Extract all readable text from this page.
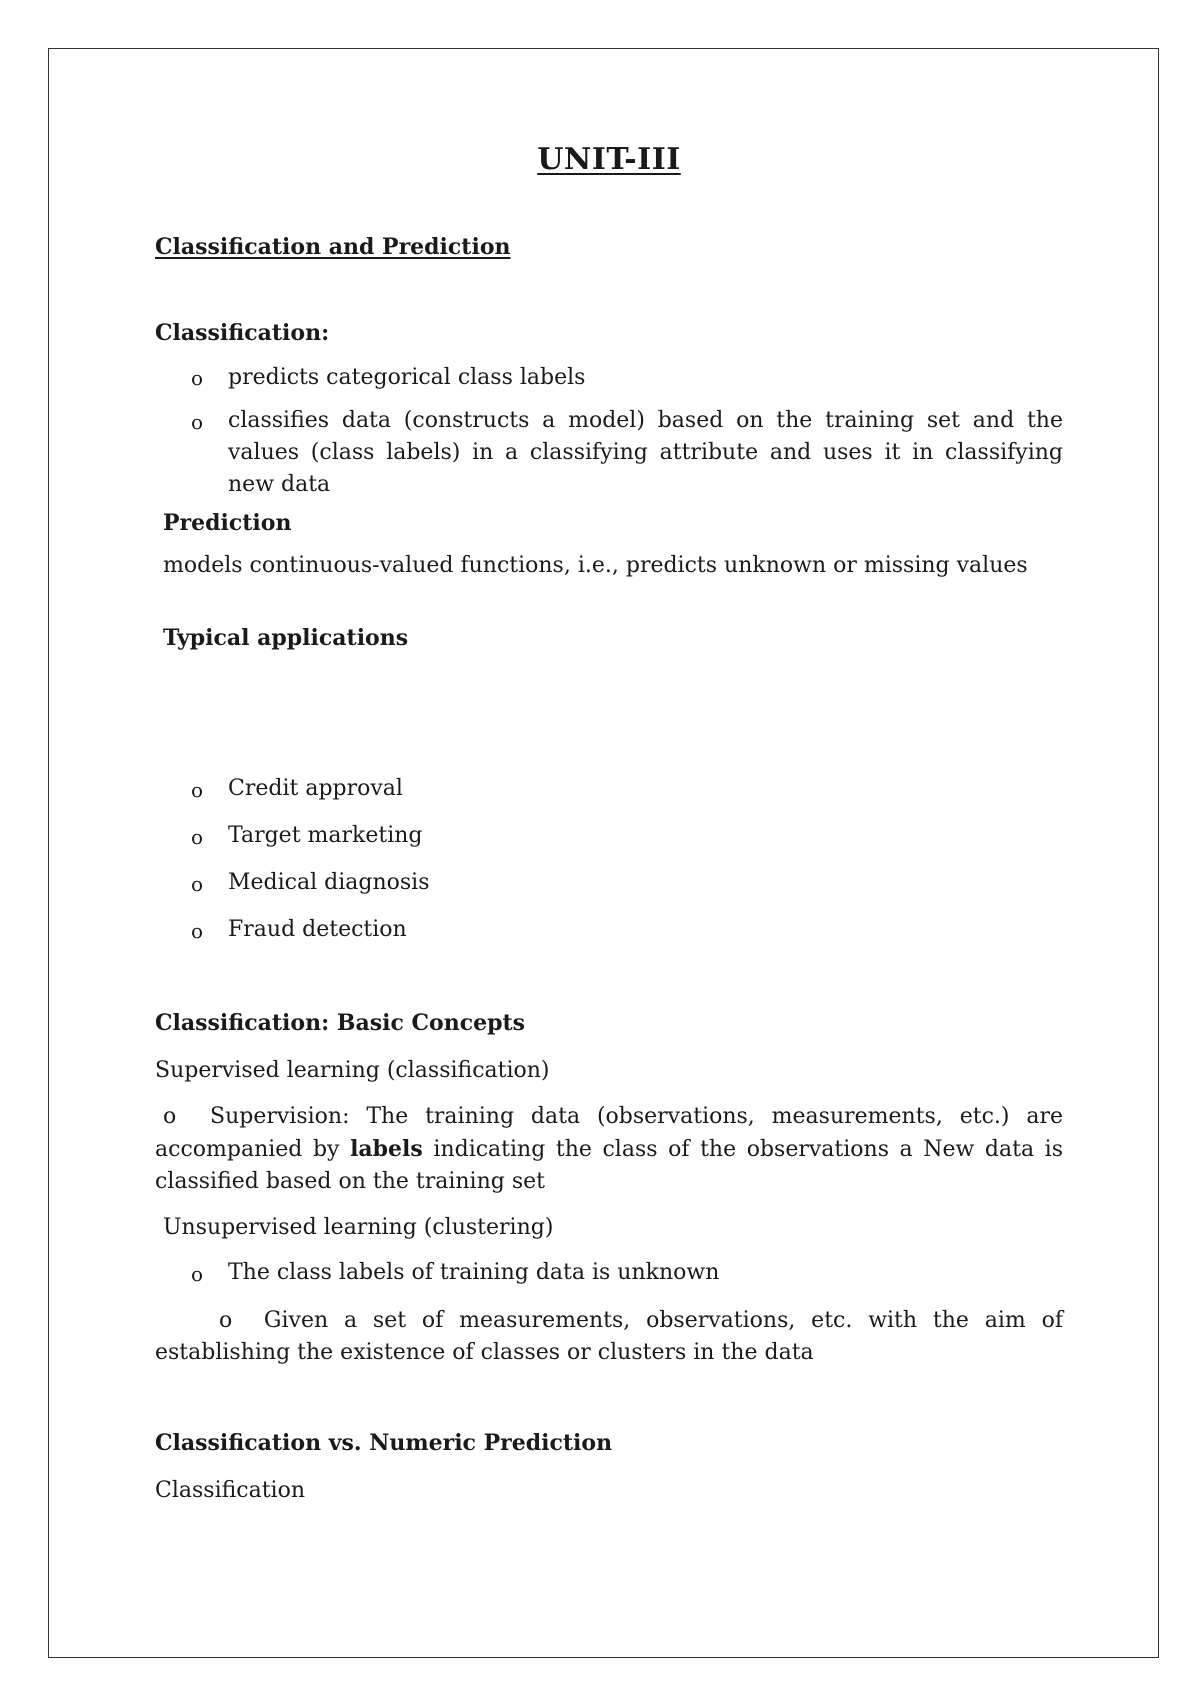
UNIT-III
Classification and Prediction
Classification:
o predicts categorical class labels
o classifies data (constructs a model) based on the training set and the values (class labels) in a classifying attribute and uses it in classifying new data
Prediction
models continuous-valued functions, i.e., predicts unknown or missing values
Typical applications
o Credit approval
o Target marketing
o Medical diagnosis
o Fraud detection
Classification: Basic Concepts
Supervised learning (classification)
o Supervision: The training data (observations, measurements, etc.) are accompanied by labels indicating the class of the observations a New data is classified based on the training set
Unsupervised learning (clustering)
o The class labels of training data is unknown
o Given a set of measurements, observations, etc. with the aim of establishing the existence of classes or clusters in the data
Classification vs. Numeric Prediction
Classification
